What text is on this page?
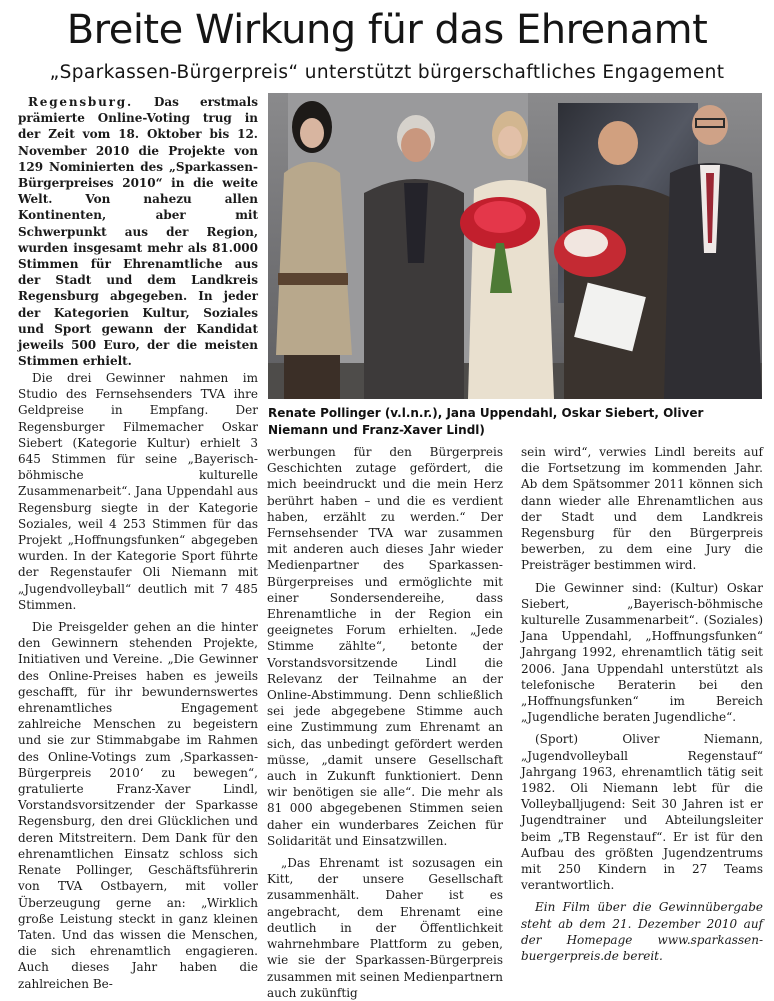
Breite Wirkung für das Ehrenamt
„Sparkassen-Bürgerpreis“ unterstützt bürgerschaftliches Engagement

Regensburg. Das erstmals prämierte Online-Voting trug in der Zeit vom 18. Oktober bis 12. November 2010 die Projekte von 129 Nominierten des „Sparkassen-Bürgerpreises 2010“ in die weite Welt. Von nahezu allen Kontinenten, aber mit Schwerpunkt aus der Region, wurden insgesamt mehr als 81.000 Stimmen für Ehrenamtliche aus der Stadt und dem Landkreis Regensburg abgegeben. In jeder der Kategorien Kultur, Soziales und Sport gewann der Kandidat jeweils 500 Euro, der die meisten Stimmen erhielt.

Renate Pollinger (v.l.n.r.), Jana Uppendahl, Oskar Siebert, Oliver Niemann und Franz-Xaver Lindl)

Die drei Gewinner nahmen im Studio des Fernsehsenders TVA ihre Geldpreise in Empfang. Der Regensburger Filmemacher Oskar Siebert (Kategorie Kultur) erhielt 3 645 Stimmen für seine „Bayerisch-böhmische kulturelle Zusammenarbeit“. Jana Uppendahl aus Regensburg siegte in der Kategorie Soziales, weil 4 253 Stimmen für das Projekt „Hoffnungsfunken“ abgegeben wurden. In der Kategorie Sport führte der Regenstaufer Oli Niemann mit „Jugendvolleyball“ deutlich mit 7 485 Stimmen.

Die Preisgelder gehen an die hinter den Gewinnern stehenden Projekte, Initiativen und Vereine. „Die Gewinner des Online-Preises haben es jeweils geschafft, für ihr bewundernswertes ehrenamtliches Engagement zahlreiche Menschen zu begeistern und sie zur Stimmabgabe im Rahmen des Online-Votings zum ‚Sparkassen-Bürgerpreis 2010‘ zu bewegen“, gratulierte Franz-Xaver Lindl, Vorstandsvorsitzender der Sparkasse Regensburg, den drei Glücklichen und deren Mitstreitern. Dem Dank für den ehrenamtlichen Einsatz schloss sich Renate Pollinger, Geschäftsführerin von TVA Ostbayern, mit voller Überzeugung gerne an: „Wirklich große Leistung steckt in ganz kleinen Taten. Und das wissen die Menschen, die sich ehrenamtlich engagieren. Auch dieses Jahr haben die zahlreichen Be-

werbungen für den Bürgerpreis Geschichten zutage gefördert, die mich beeindruckt und die mein Herz berührt haben – und die es verdient haben, erzählt zu werden.“ Der Fernsehsender TVA war zusammen mit anderen auch dieses Jahr wieder Medienpartner des Sparkassen-Bürgerpreises und ermöglichte mit einer Sondersendereihe, dass Ehrenamtliche in der Region ein geeignetes Forum erhielten. „Jede Stimme zählte“, betonte der Vorstandsvorsitzende Lindl die Relevanz der Teilnahme an der Online-Abstimmung. Denn schließlich sei jede abgegebene Stimme auch eine Zustimmung zum Ehrenamt an sich, das unbedingt gefördert werden müsse, „damit unsere Gesellschaft auch in Zukunft funktioniert. Denn wir benötigen sie alle“. Die mehr als 81 000 abgegebenen Stimmen seien daher ein wunderbares Zeichen für Solidarität und Einsatzwillen.

„Das Ehrenamt ist sozusagen ein Kitt, der unsere Gesellschaft zusammenhält. Daher ist es angebracht, dem Ehrenamt eine deutlich in der Öffentlichkeit wahrnehmbare Plattform zu geben, wie sie der Sparkassen-Bürgerpreis zusammen mit seinen Medienpartnern auch zukünftig

sein wird“, verwies Lindl bereits auf die Fortsetzung im kommenden Jahr. Ab dem Spätsommer 2011 können sich dann wieder alle Ehrenamtlichen aus der Stadt und dem Landkreis Regensburg für den Bürgerpreis bewerben, zu dem eine Jury die Preisträger bestimmen wird.

Die Gewinner sind: (Kultur) Oskar Siebert, „Bayerisch-böhmische kulturelle Zusammenarbeit“. (Soziales) Jana Uppendahl, „Hoffnungsfunken“ Jahrgang 1992, ehrenamtlich tätig seit 2006. Jana Uppendahl unterstützt als telefonische Beraterin bei den „Hoffnungsfunken“ im Bereich „Jugendliche beraten Jugendliche“.

(Sport) Oliver Niemann, „Jugendvolleyball Regenstauf“ Jahrgang 1963, ehrenamtlich tätig seit 1982. Oli Niemann lebt für die Volleyballjugend: Seit 30 Jahren ist er Jugendtrainer und Abteilungsleiter beim „TB Regenstauf“. Er ist für den Aufbau des größten Jugendzentrums mit 250 Kindern in 27 Teams verantwortlich.

Ein Film über die Gewinnübergabe steht ab dem 21. Dezember 2010 auf der Homepage www.sparkassen-buergerpreis.de bereit.
